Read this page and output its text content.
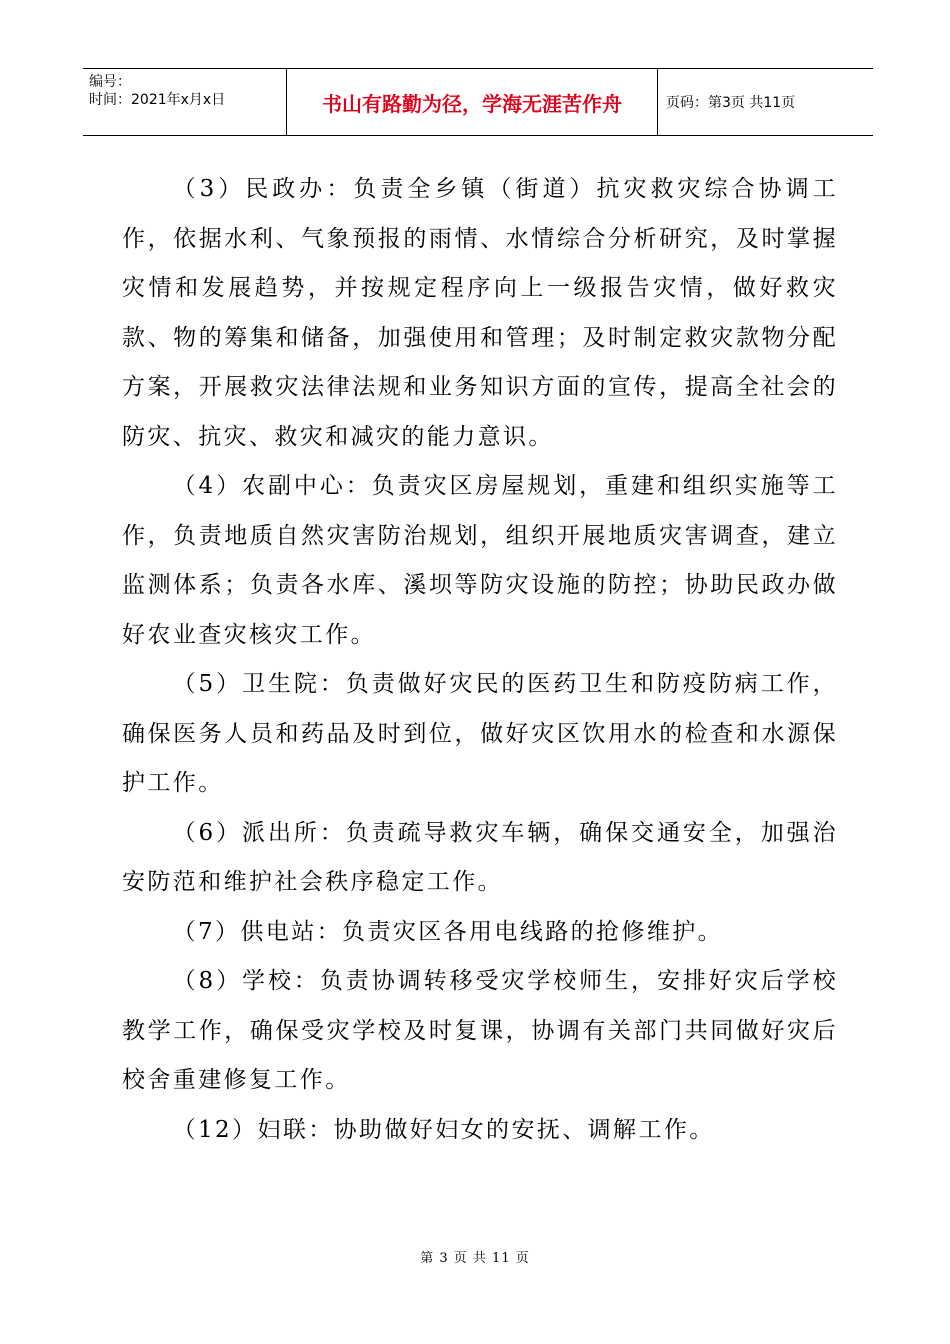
编号：
时间：2021年x月x日	书山有路勤为径，学海无涯苦作舟	页码：第3页 共11页

（3）民政办：负责全乡镇（街道）抗灾救灾综合协调工作，依据水利、气象预报的雨情、水情综合分析研究，及时掌握灾情和发展趋势，并按规定程序向上一级报告灾情，做好救灾款、物的筹集和储备，加强使用和管理；及时制定救灾款物分配方案，开展救灾法律法规和业务知识方面的宣传，提高全社会的防灾、抗灾、救灾和减灾的能力意识。

（4）农副中心：负责灾区房屋规划，重建和组织实施等工作，负责地质自然灾害防治规划，组织开展地质灾害调查，建立监测体系；负责各水库、溪坝等防灾设施的防控；协助民政办做好农业查灾核灾工作。

（5）卫生院：负责做好灾民的医药卫生和防疫防病工作，确保医务人员和药品及时到位，做好灾区饮用水的检查和水源保护工作。

（6）派出所：负责疏导救灾车辆，确保交通安全，加强治安防范和维护社会秩序稳定工作。

（7）供电站：负责灾区各用电线路的抢修维护。

（8）学校：负责协调转移受灾学校师生，安排好灾后学校教学工作，确保受灾学校及时复课，协调有关部门共同做好灾后校舍重建修复工作。

（12）妇联：协助做好妇女的安抚、调解工作。

第 3 页 共 11 页
